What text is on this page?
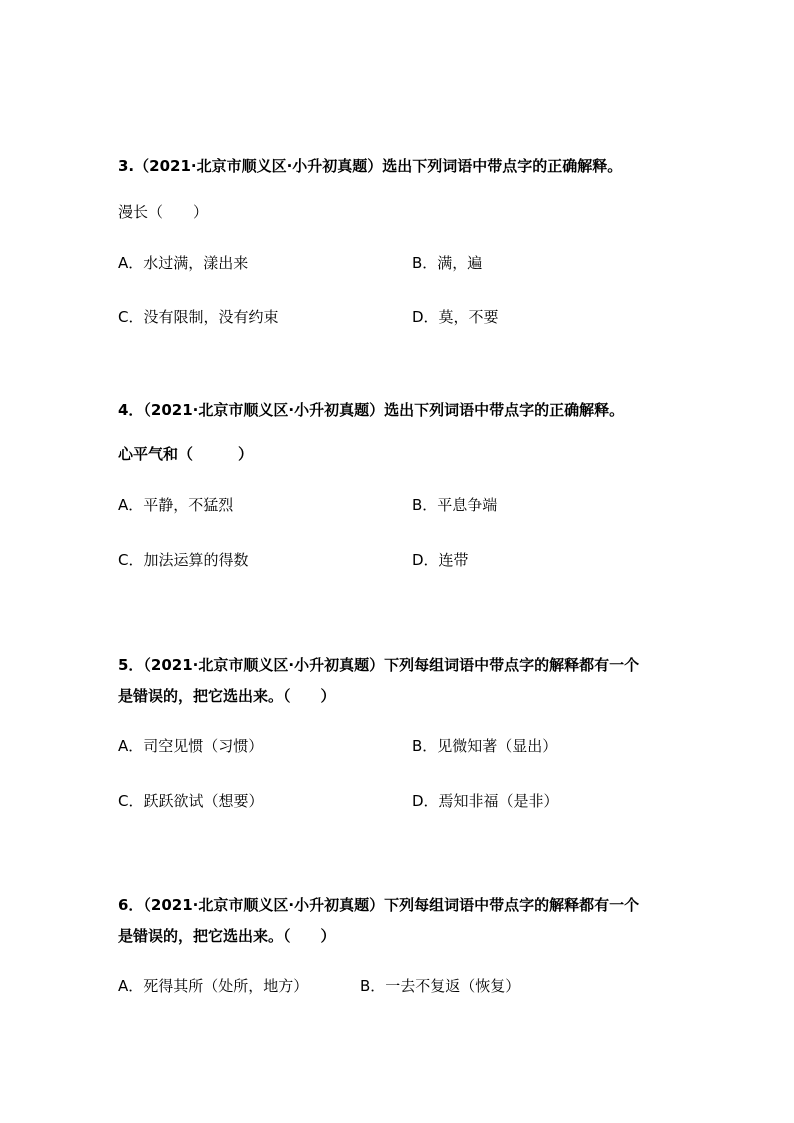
3.（2021·北京市顺义区·小升初真题）选出下列词语中带点字的正确解释。
漫长（　　）
A．水过满，漾出来	B．满，遍
C．没有限制，没有约束	D．莫，不要
4．（2021·北京市顺义区·小升初真题）选出下列词语中带点字的正确解释。
心平气和（　　　）
A．平静，不猛烈	B．平息争端
C．加法运算的得数	D．连带
5．（2021·北京市顺义区·小升初真题）下列每组词语中带点字的解释都有一个
是错误的，把它选出来。（　　）
A．司空见惯（习惯）	B．见微知著（显出）
C．跃跃欲试（想要）	D．焉知非福（是非）
6．（2021·北京市顺义区·小升初真题）下列每组词语中带点字的解释都有一个
是错误的，把它选出来。（　　）
A．死得其所（处所，地方）	B．一去不复返（恢复）
